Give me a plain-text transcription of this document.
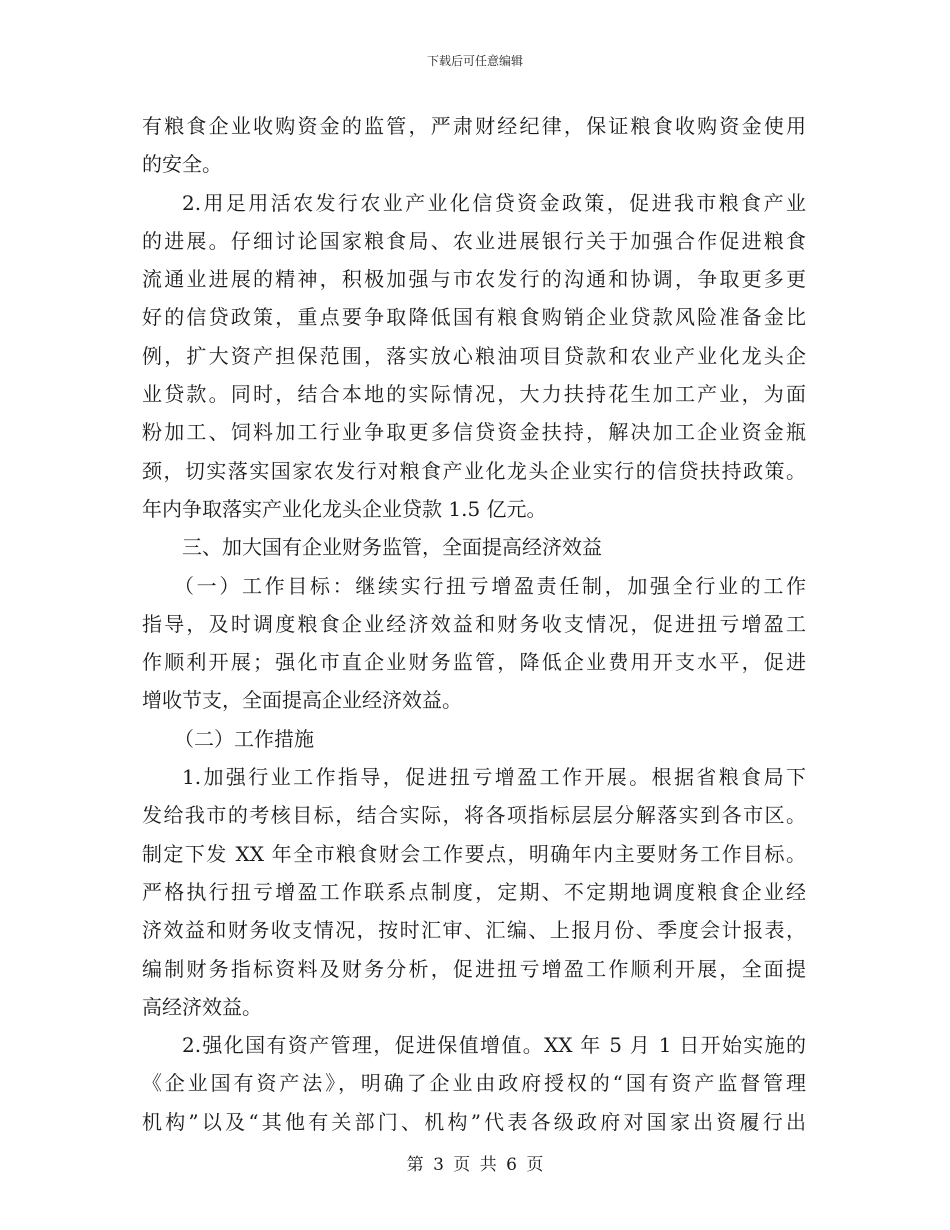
下载后可任意编辑
有粮食企业收购资金的监管，严肃财经纪律，保证粮食收购资金使用
的安全。
2.用足用活农发行农业产业化信贷资金政策，促进我市粮食产业
的进展。仔细讨论国家粮食局、农业进展银行关于加强合作促进粮食
流通业进展的精神，积极加强与市农发行的沟通和协调，争取更多更
好的信贷政策，重点要争取降低国有粮食购销企业贷款风险准备金比
例，扩大资产担保范围，落实放心粮油项目贷款和农业产业化龙头企
业贷款。同时，结合本地的实际情况，大力扶持花生加工产业，为面
粉加工、饲料加工行业争取更多信贷资金扶持，解决加工企业资金瓶
颈，切实落实国家农发行对粮食产业化龙头企业实行的信贷扶持政策。
年内争取落实产业化龙头企业贷款 1.5 亿元。
三、加大国有企业财务监管，全面提高经济效益
（一）工作目标：继续实行扭亏增盈责任制，加强全行业的工作
指导，及时调度粮食企业经济效益和财务收支情况，促进扭亏增盈工
作顺利开展；强化市直企业财务监管，降低企业费用开支水平，促进
增收节支，全面提高企业经济效益。
（二）工作措施
1.加强行业工作指导，促进扭亏增盈工作开展。根据省粮食局下
发给我市的考核目标，结合实际，将各项指标层层分解落实到各市区。
制定下发 XX 年全市粮食财会工作要点，明确年内主要财务工作目标。
严格执行扭亏增盈工作联系点制度，定期、不定期地调度粮食企业经
济效益和财务收支情况，按时汇审、汇编、上报月份、季度会计报表，
编制财务指标资料及财务分析，促进扭亏增盈工作顺利开展，全面提
高经济效益。
2.强化国有资产管理，促进保值增值。XX 年 5 月 1 日开始实施的
《企业国有资产法》，明确了企业由政府授权的“国有资产监督管理
机构”以及“其他有关部门、机构”代表各级政府对国家出资履行出
第 3 页 共 6 页
